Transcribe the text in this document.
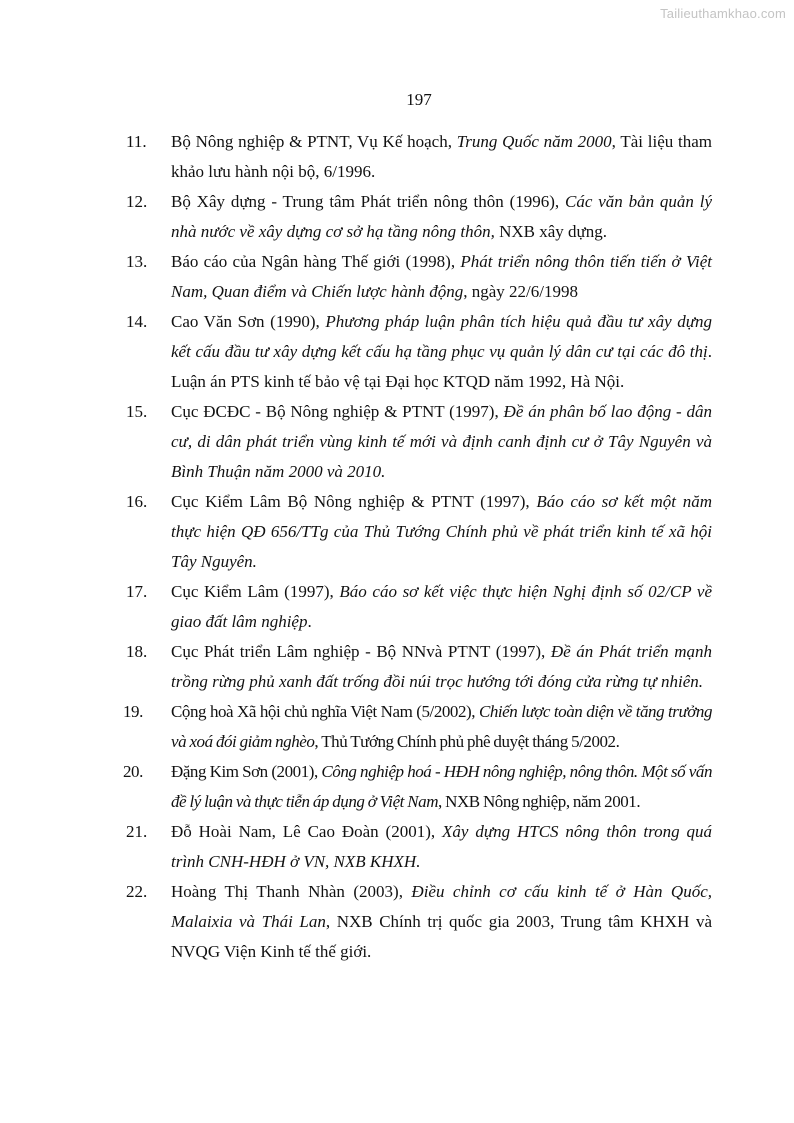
Tailieuthamkhao.com
197
11. Bộ Nông nghiệp & PTNT, Vụ Kế hoạch, Trung Quốc năm 2000, Tài liệu tham khảo lưu hành nội bộ, 6/1996.
12. Bộ Xây dựng - Trung tâm Phát triển nông thôn (1996), Các văn bản quản lý nhà nước về xây dựng cơ sở hạ tầng nông thôn, NXB xây dựng.
13. Báo cáo của Ngân hàng Thế giới (1998), Phát triển nông thôn tiến tiến ở Việt Nam, Quan điểm và Chiến lược hành động, ngày 22/6/1998
14. Cao Văn Sơn (1990), Phương pháp luận phân tích hiệu quả đầu tư xây dựng kết cấu đầu tư xây dựng kết cấu hạ tầng phục vụ quản lý dân cư tại các đô thị. Luận án PTS kinh tế bảo vệ tại Đại học KTQD năm 1992, Hà Nội.
15. Cục ĐCĐC - Bộ Nông nghiệp & PTNT (1997), Đề án phân bố lao động - dân cư, di dân phát triển vùng kinh tế mới và định canh định cư ở Tây Nguyên và Bình Thuận năm 2000 và 2010.
16. Cục Kiểm Lâm Bộ Nông nghiệp & PTNT (1997), Báo cáo sơ kết một năm thực hiện QĐ 656/TTg của Thủ Tướng Chính phủ về phát triển kinh tế xã hội Tây Nguyên.
17. Cục Kiểm Lâm (1997), Báo cáo sơ kết việc thực hiện Nghị định số 02/CP về giao đất lâm nghiệp.
18. Cục Phát triển Lâm nghiệp - Bộ NNvà PTNT (1997), Đề án Phát triển mạnh trồng rừng phủ xanh đất trống đồi núi trọc hướng tới đóng cửa rừng tự nhiên.
19. Cộng hoà Xã hội chủ nghĩa Việt Nam (5/2002), Chiến lược toàn diện về tăng trưởng và xoá đói giảm nghèo, Thủ Tướng Chính phủ phê duyệt tháng 5/2002.
20. Đặng Kim Sơn (2001), Công nghiệp hoá - HĐH nông nghiệp, nông thôn. Một số vấn đề lý luận và thực tiễn áp dụng ở Việt Nam, NXB Nông nghiệp, năm 2001.
21. Đỗ Hoài Nam, Lê Cao Đoàn (2001), Xây dựng HTCS nông thôn trong quá trình CNH-HĐH ở VN, NXB KHXH.
22. Hoàng Thị Thanh Nhàn (2003), Điều chỉnh cơ cấu kinh tế ở Hàn Quốc, Malaixia và Thái Lan, NXB Chính trị quốc gia 2003, Trung tâm KHXH và NVQG Viện Kinh tế thế giới.
